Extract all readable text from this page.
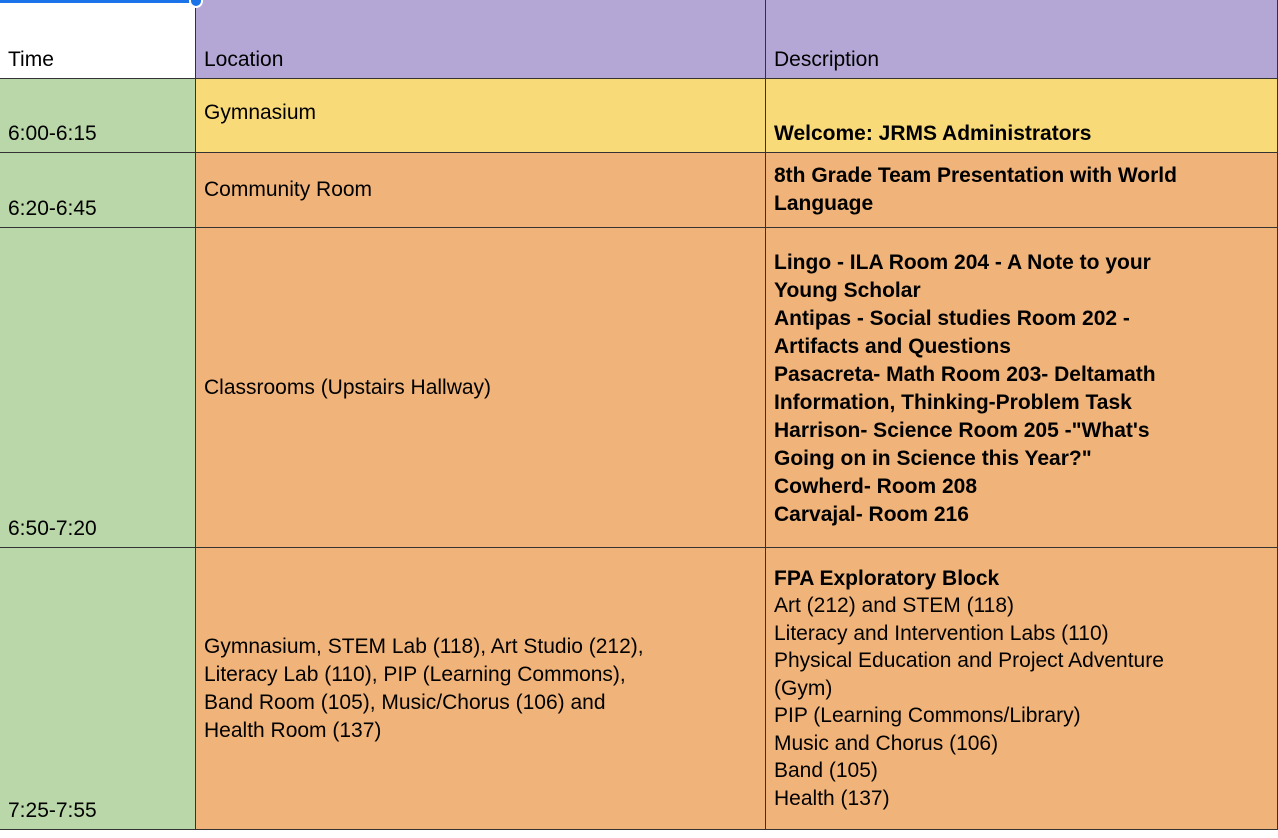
Time	Location	Description
6:00-6:15
Gymnasium
Welcome: JRMS Administrators
6:20-6:45
Community Room
8th Grade Team Presentation with World
Language
6:50-7:20
Classrooms (Upstairs Hallway)
Lingo - ILA Room 204 - A Note to your
Young Scholar
Antipas - Social studies Room 202 -
Artifacts and Questions
Pasacreta- Math Room 203- Deltamath
Information, Thinking-Problem Task
Harrison- Science Room 205 -"What's
Going on in Science this Year?"
Cowherd- Room 208
Carvajal- Room 216
7:25-7:55
Gymnasium, STEM Lab (118), Art Studio (212),
Literacy Lab (110), PIP (Learning Commons),
Band Room (105), Music/Chorus (106) and
Health Room (137)
FPA Exploratory Block
Art (212) and STEM (118)
Literacy and Intervention Labs (110)
Physical Education and Project Adventure
(Gym)
PIP (Learning Commons/Library)
Music and Chorus (106)
Band (105)
Health (137)
